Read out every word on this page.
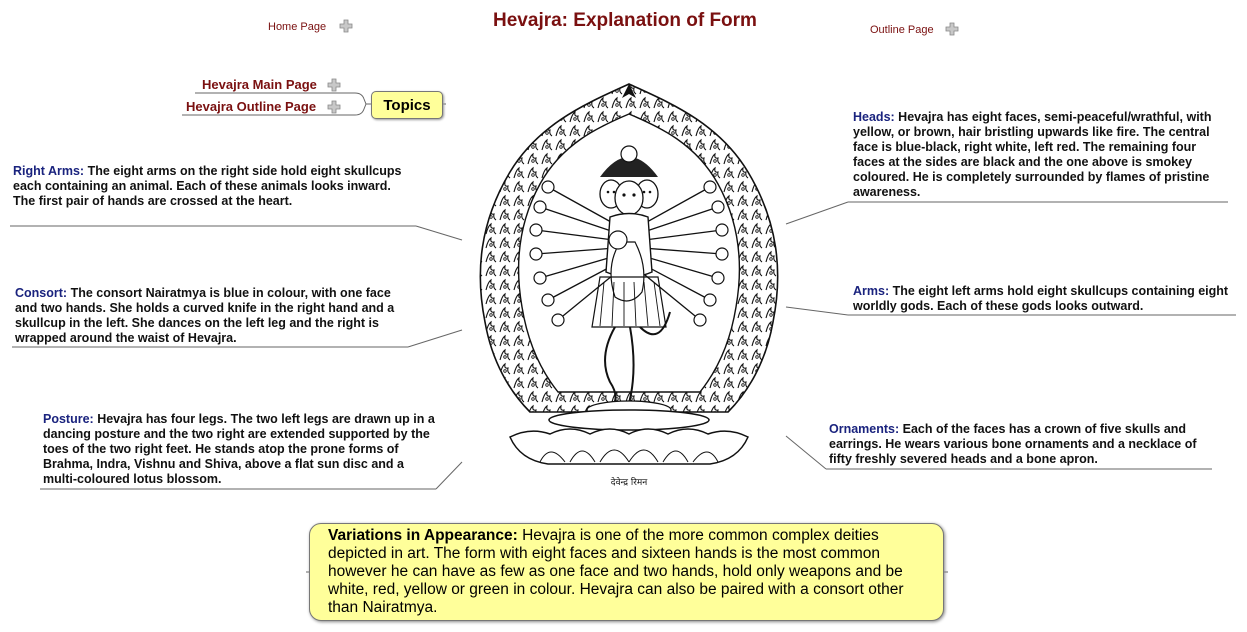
Hevajra: Explanation of Form
Home Page	Outline Page
Hevajra Main Page
Hevajra Outline Page	Topics
Right Arms: The eight arms on the right side hold eight skullcups each containing an animal. Each of these animals looks inward. The first pair of hands are crossed at the heart.
Consort: The consort Nairatmya is blue in colour, with one face and two hands. She holds a curved knife in the right hand and a skullcup in the left. She dances on the left leg and the right is wrapped around the waist of Hevajra.
Posture: Hevajra has four legs. The two left legs are drawn up in a dancing posture and the two right are extended supported by the toes of the two right feet. He stands atop the prone forms of Brahma, Indra, Vishnu and Shiva, above a flat sun disc and a multi-coloured lotus blossom.
Heads: Hevajra has eight faces, semi-peaceful/wrathful, with yellow, or brown, hair bristling upwards like fire. The central face is blue-black, right white, left red. The remaining four faces at the sides are black and the one above is smokey coloured. He is completely surrounded by flames of pristine awareness.
Arms: The eight left arms hold eight skullcups containing eight worldly gods. Each of these gods looks outward.
Ornaments: Each of the faces has a crown of five skulls and earrings. He wears various bone ornaments and a necklace of fifty freshly severed heads and a bone apron.
देवेन्द्र रिमन
Variations in Appearance: Hevajra is one of the more common complex deities depicted in art. The form with eight faces and sixteen hands is the most common however he can have as few as one face and two hands, hold only weapons and be white, red, yellow or green in colour. Hevajra can also be paired with a consort other than Nairatmya.
